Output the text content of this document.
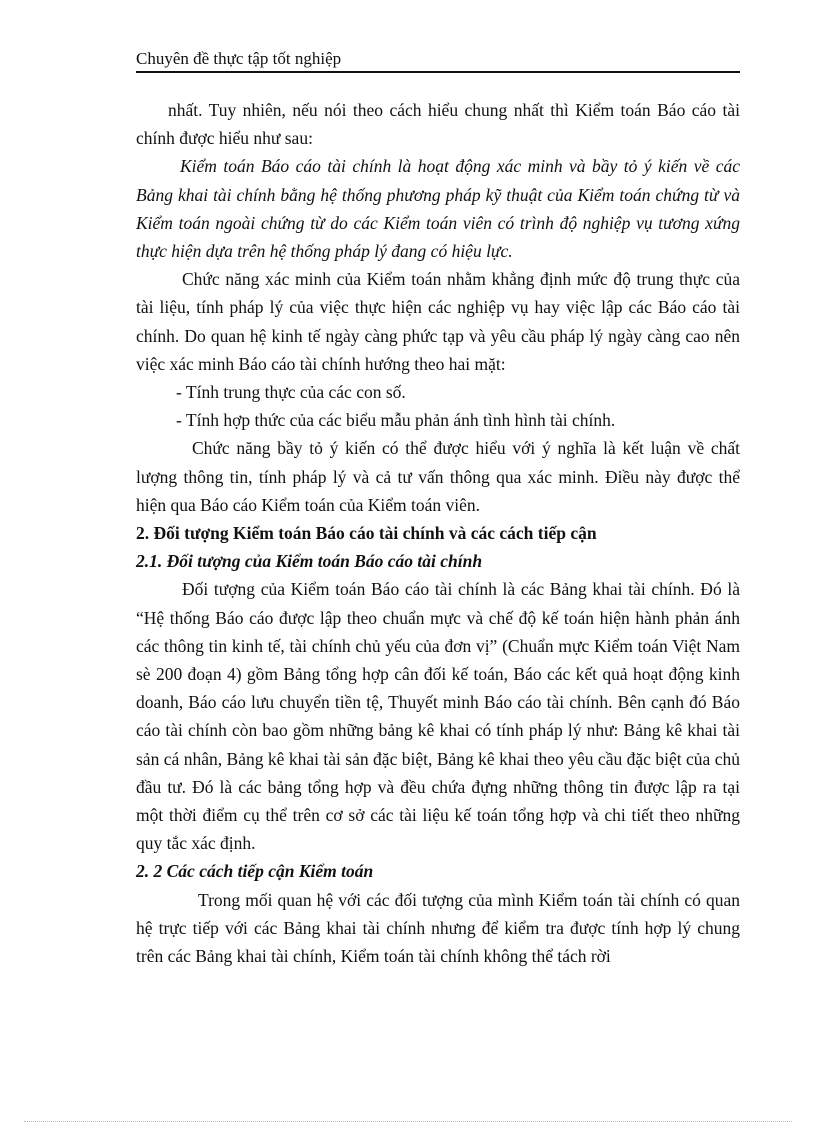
Chuyên đề thực tập tốt nghiệp

nhất. Tuy nhiên, nếu nói theo cách hiểu chung nhất thì Kiểm toán Báo cáo tài chính được hiểu như sau:

Kiểm toán Báo cáo tài chính là hoạt động xác minh và bầy tỏ ý kiến về các Bảng khai tài chính bằng hệ thống phương pháp kỹ thuật của Kiểm toán chứng từ và Kiểm toán ngoài chứng từ do các Kiểm toán viên có trình độ nghiệp vụ tương xứng thực hiện dựa trên hệ thống pháp lý đang có hiệu lực.

Chức năng xác minh của Kiểm toán nhằm khẳng định mức độ trung thực của tài liệu, tính pháp lý của việc thực hiện các nghiệp vụ hay việc lập các Báo cáo tài chính. Do quan hệ kinh tế ngày càng phức tạp và yêu cầu pháp lý ngày càng cao nên việc xác minh Báo cáo tài chính hướng theo hai mặt:

- Tính trung thực của các con số.

- Tính hợp thức của các biểu mẫu phản ánh tình hình tài chính.

Chức năng bầy tỏ ý kiến có thể được hiểu với ý nghĩa là kết luận về chất lượng thông tin, tính pháp lý và cả tư vấn thông qua xác minh. Điều này được thể hiện qua Báo cáo Kiểm toán của Kiểm toán viên.

2. Đối tượng Kiểm toán Báo cáo tài chính và các cách tiếp cận

2.1. Đối tượng của Kiểm toán Báo cáo tài chính

Đối tượng của Kiểm toán Báo cáo tài chính là các Bảng khai tài chính. Đó là “Hệ thống Báo cáo được lập theo chuẩn mực và chế độ kế toán hiện hành phản ánh các thông tin kinh tế, tài chính chủ yếu của đơn vị” (Chuẩn mực Kiểm toán Việt Nam sè 200 đoạn 4) gồm Bảng tổng hợp cân đối kế toán, Báo các kết quả hoạt động kinh doanh, Báo cáo lưu chuyển tiền tệ, Thuyết minh Báo cáo tài chính. Bên cạnh đó Báo cáo tài chính còn bao gồm những bảng kê khai có tính pháp lý như: Bảng kê khai tài sản cá nhân, Bảng kê khai tài sản đặc biệt, Bảng kê khai theo yêu cầu đặc biệt của chủ đầu tư. Đó là các bảng tổng hợp và đều chứa đựng những thông tin được lập ra tại một thời điểm cụ thể trên cơ sở các tài liệu kế toán tổng hợp và chi tiết theo những quy tắc xác định.

2. 2 Các cách tiếp cận Kiểm toán

Trong mối quan hệ với các đối tượng của mình Kiểm toán tài chính có quan hệ trực tiếp với các Bảng khai tài chính nhưng để kiểm tra được tính hợp lý chung trên các Bảng khai tài chính, Kiểm toán tài chính không thể tách rời
